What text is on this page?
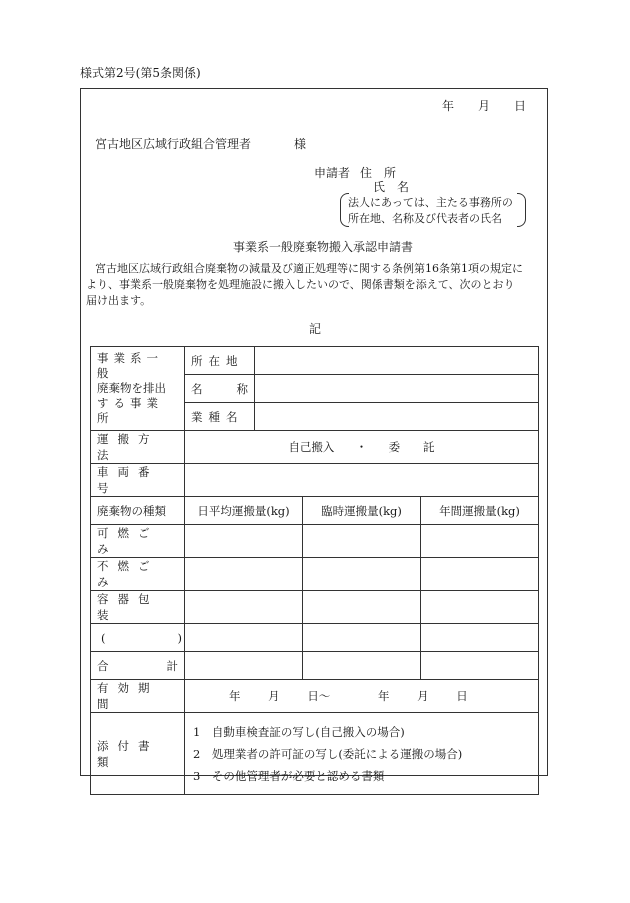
様式第2号(第5条関係)
年 月 日
宮古地区広域行政組合管理者	様
申請者 住　所
氏　名
法人にあっては、主たる事務所の
所在地、名称及び代表者の氏名
事業系一般廃棄物搬入承認申請書
宮古地区広域行政組合廃棄物の減量及び適正処理等に関する条例第16条第1項の規定に
より、事業系一般廃棄物を処理施設に搬入したいので、関係書類を添えて、次のとおり
届け出ます。
記
事業系一般
廃棄物を排出
する事業所	所在地			

	名 称			

	業種名			
運搬方法	自己搬入 ・ 委　　託			
車両番号				
廃棄物の種類	日平均運搬量(kg)		臨時運搬量(kg)	年間運搬量(kg)
可燃ごみ				
不燃ごみ				
容器包装				

( )				

合 計				

有効期間	年 月 日〜 年 月 日			
添付書類	1　自動車検査証の写し(自己搬入の場合)
2　処理業者の許可証の写し(委託による運搬の場合)
3　その他管理者が必要と認める書類			
